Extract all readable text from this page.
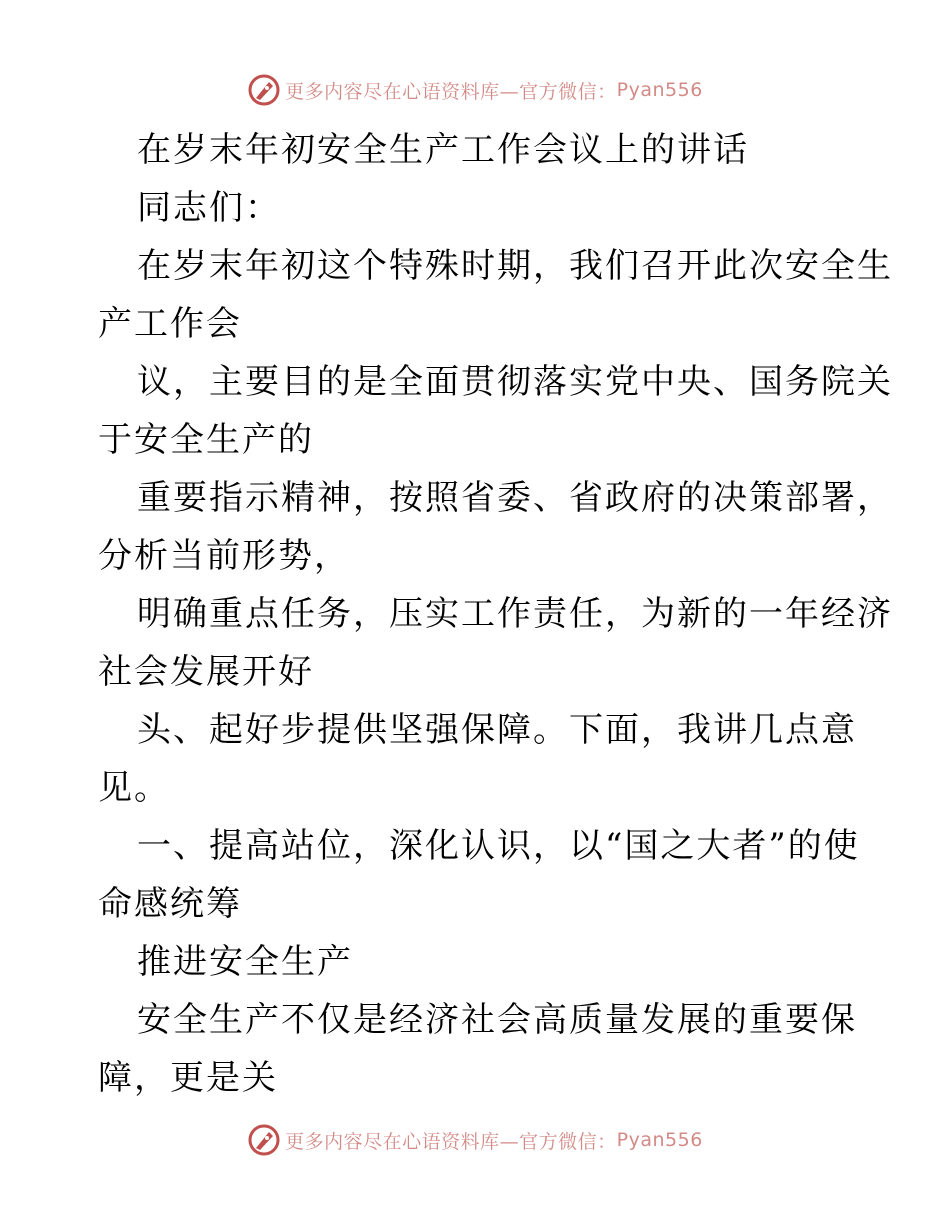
更多内容尽在心语资料库—官方微信： Pyan556
在岁末年初安全生产工作会议上的讲话
同志们：
在岁末年初这个特殊时期，我们召开此次安全生
产工作会
议，主要目的是全面贯彻落实党中央、国务院关
于安全生产的
重要指示精神，按照省委、省政府的决策部署，
分析当前形势，
明确重点任务，压实工作责任，为新的一年经济
社会发展开好
头、起好步提供坚强保障。下面，我讲几点意
见。
一、提高站位，深化认识，以“国之大者”的使
命感统筹
推进安全生产
安全生产不仅是经济社会高质量发展的重要保
障，更是关
更多内容尽在心语资料库—官方微信： Pyan556
